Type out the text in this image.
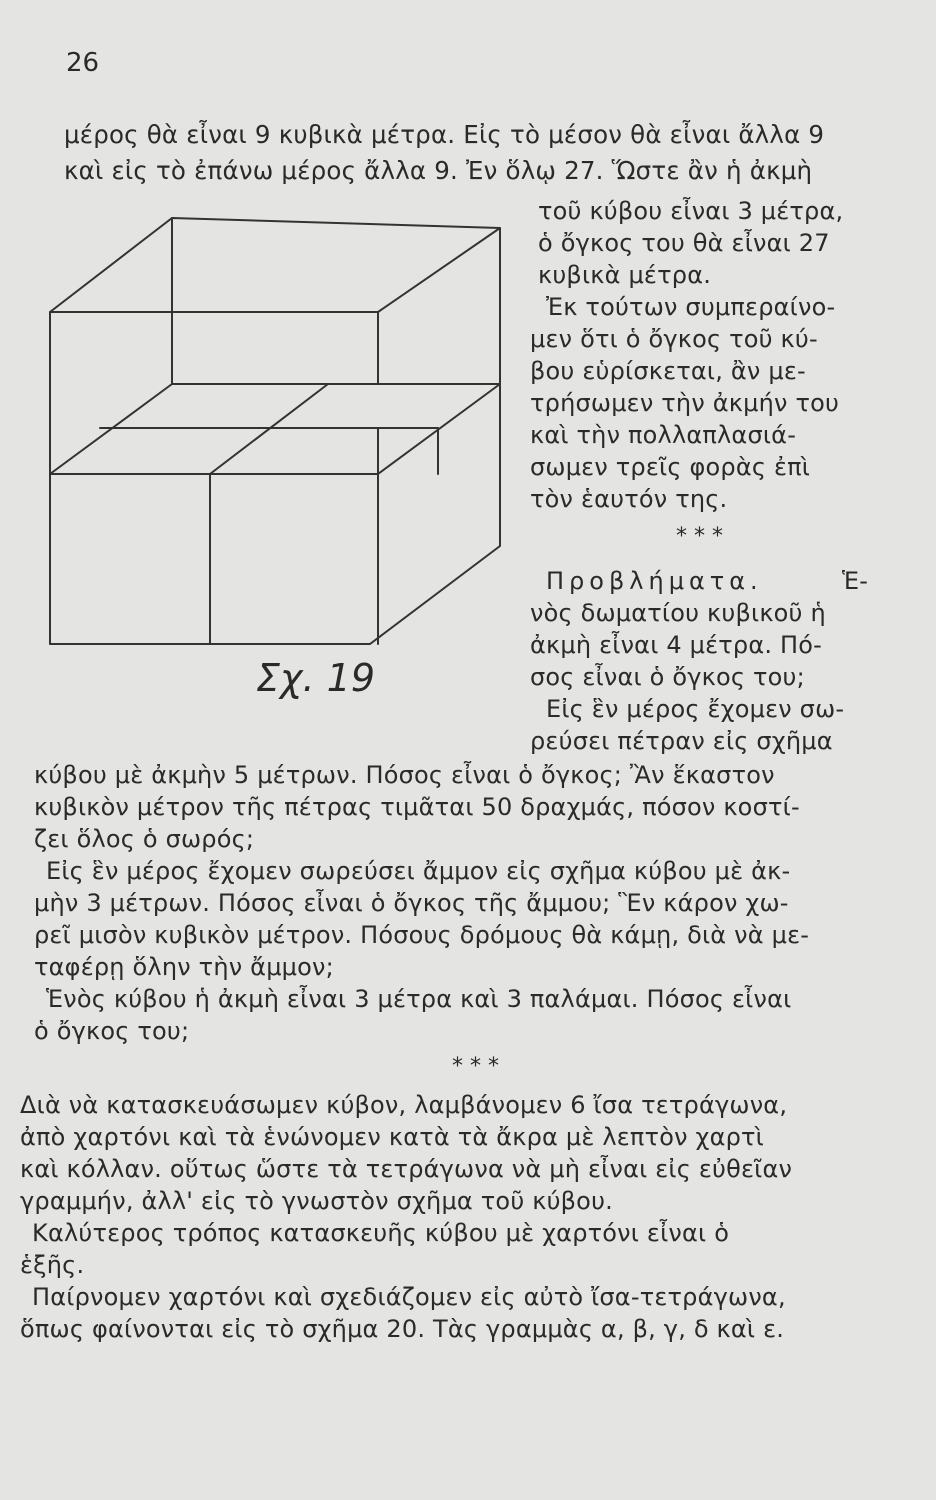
26
μέρος θὰ εἶναι 9 κυβικὰ μέτρα. Εἰς τὸ μέσον θὰ εἶναι ἄλλα 9
καὶ εἰς τὸ ἐπάνω μέρος ἄλλα 9. Ἐν ὅλῳ 27. Ὥστε ἂν ἡ ἀκμὴ
Σχ. 19
τοῦ κύβου εἶναι 3 μέτρα,
ὁ ὄγκος του θὰ εἶναι 27
κυβικὰ μέτρα.
Ἐκ τούτων συμπεραίνο-
μεν ὅτι ὁ ὄγκος τοῦ κύ-
βου εὑρίσκεται, ἂν με-
τρήσωμεν τὴν ἀκμήν του
καὶ τὴν πολλαπλασιά-
σωμεν τρεῖς φορὰς ἐπὶ
τὸν ἑαυτόν της.
* * *
Προβλήματα.	Ἑ-
νὸς δωματίου κυβικοῦ ἡ
ἀκμὴ εἶναι 4 μέτρα. Πό-
σος εἶναι ὁ ὄγκος του;
Εἰς ἓν μέρος ἔχομεν σω-
ρεύσει πέτραν εἰς σχῆμα
κύβου μὲ ἀκμὴν 5 μέτρων. Πόσος εἶναι ὁ ὄγκος; Ἂν ἕκαστον
κυβικὸν μέτρον τῆς πέτρας τιμᾶται 50 δραχμάς, πόσον κοστί-
ζει ὅλος ὁ σωρός;
Εἰς ἓν μέρος ἔχομεν σωρεύσει ἄμμον εἰς σχῆμα κύβου μὲ ἀκ-
μὴν 3 μέτρων. Πόσος εἶναι ὁ ὄγκος τῆς ἄμμου; Ἓν κάρον χω-
ρεῖ μισὸν κυβικὸν μέτρον. Πόσους δρόμους θὰ κάμῃ, διὰ νὰ με-
ταφέρῃ ὅλην τὴν ἄμμον;
Ἑνὸς κύβου ἡ ἀκμὴ εἶναι 3 μέτρα καὶ 3 παλάμαι. Πόσος εἶναι
ὁ ὄγκος του;
* * *
Διὰ νὰ κατασκευάσωμεν κύβον, λαμβάνομεν 6 ἴσα τετράγωνα,
ἀπὸ χαρτόνι καὶ τὰ ἑνώνομεν κατὰ τὰ ἄκρα μὲ λεπτὸν χαρτὶ
καὶ κόλλαν. οὕτως ὥστε τὰ τετράγωνα νὰ μὴ εἶναι εἰς εὐθεῖαν
γραμμήν, ἀλλ' εἰς τὸ γνωστὸν σχῆμα τοῦ κύβου.
Καλύτερος τρόπος κατασκευῆς κύβου μὲ χαρτόνι εἶναι ὁ
ἑξῆς.
Παίρνομεν χαρτόνι καὶ σχεδιάζομεν εἰς αὐτὸ ἴσα-τετράγωνα,
ὅπως φαίνονται εἰς τὸ σχῆμα 20. Τὰς γραμμὰς α, β, γ, δ καὶ ε.
